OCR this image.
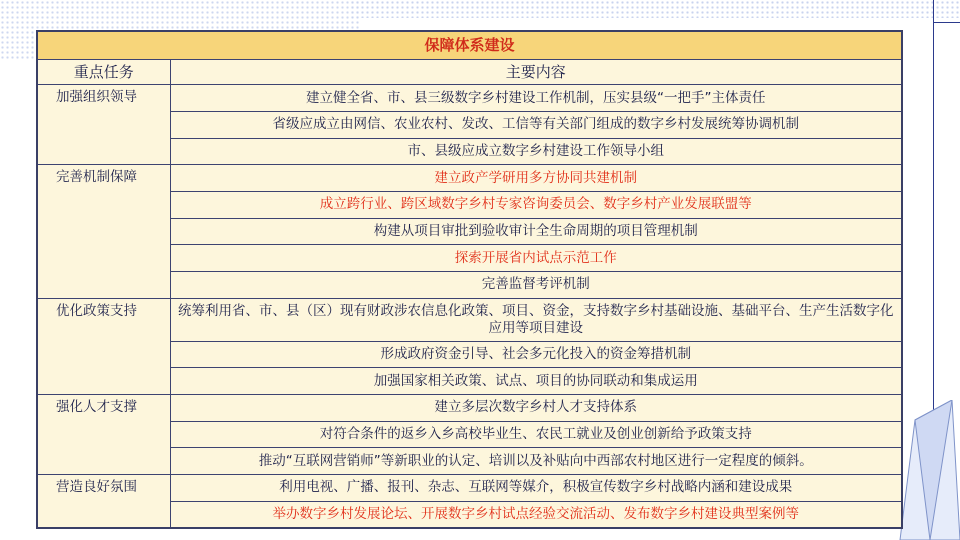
保障体系建设	
重点任务	主要内容
加强组织领导	建立健全省、市、县三级数字乡村建设工作机制，压实县级“一把手”主体责任
	省级应成立由网信、农业农村、发改、工信等有关部门组成的数字乡村发展统筹协调机制
	市、县级应成立数字乡村建设工作领导小组
完善机制保障	建立政产学研用多方协同共建机制
	成立跨行业、跨区域数字乡村专家咨询委员会、数字乡村产业发展联盟等
	构建从项目审批到验收审计全生命周期的项目管理机制
	探索开展省内试点示范工作
	完善监督考评机制
优化政策支持	统筹利用省、市、县（区）现有财政涉农信息化政策、项目、资金，支持数字乡村基础设施、基础平台、生产生活数字化应用等项目建设
	形成政府资金引导、社会多元化投入的资金筹措机制
	加强国家相关政策、试点、项目的协同联动和集成运用
强化人才支撑	建立多层次数字乡村人才支持体系
	对符合条件的返乡入乡高校毕业生、农民工就业及创业创新给予政策支持
	推动“互联网营销师”等新职业的认定、培训以及补贴向中西部农村地区进行一定程度的倾斜。
营造良好氛围	利用电视、广播、报刊、杂志、互联网等媒介，积极宣传数字乡村战略内涵和建设成果
	举办数字乡村发展论坛、开展数字乡村试点经验交流活动、发布数字乡村建设典型案例等
